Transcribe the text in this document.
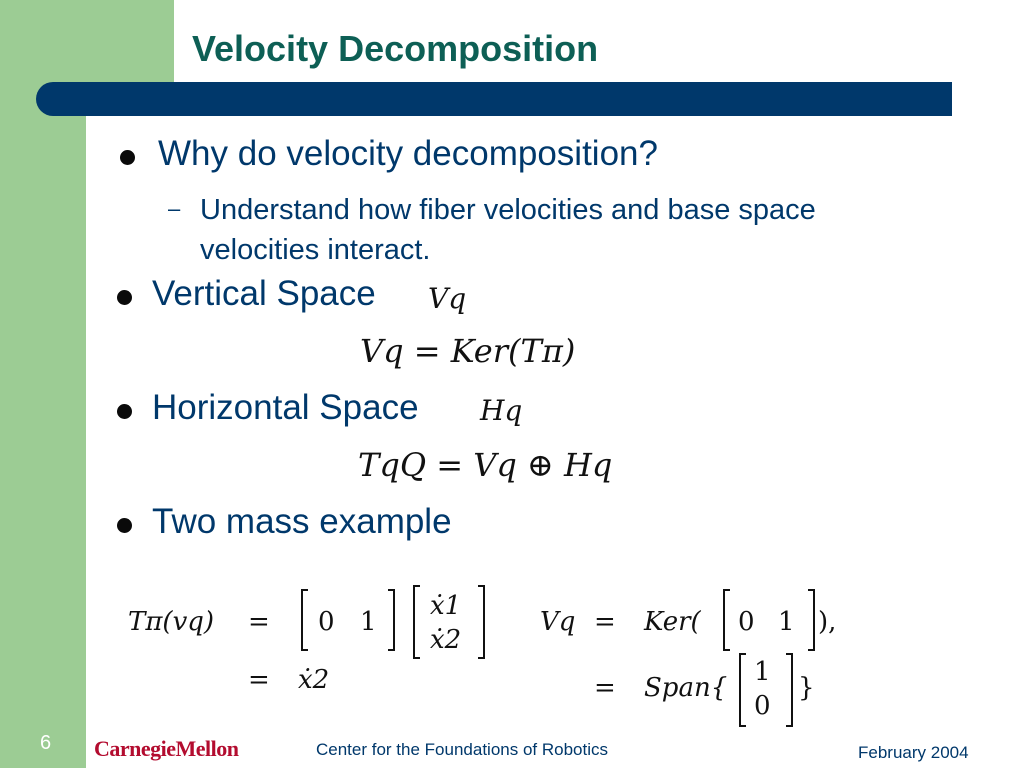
Velocity Decomposition
Why do velocity decomposition?
– Understand how fiber velocities and base space velocities interact.
Vertical Space Vq
Vq = Ker(Tπ)
Horizontal Space Hq
TqQ = Vq ⊕ Hq
Two mass example
Tπ(vq) = 0 1
ẋ1
ẋ2
= ẋ2
Vq = Ker( 0 1 ),
= Span{
1
0
}
6 CarnegieMellon	Center for the Foundations of Robotics	February 2004
